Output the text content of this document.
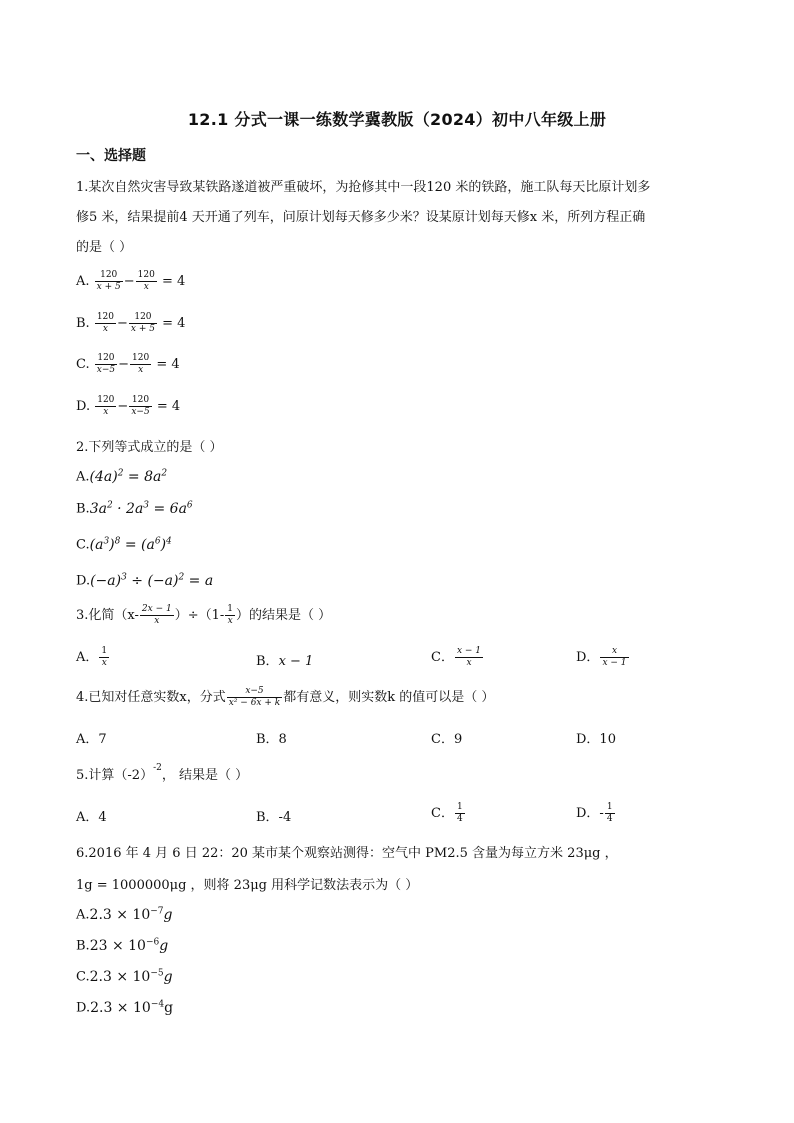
12.1 分式一课一练数学冀教版（2024）初中八年级上册
一、选择题
1.某次自然灾害导致某铁路遂道被严重破坏，为抢修其中一段120 米的铁路，施工队每天比原计划多
修5 米，结果提前4 天开通了列车，问原计划每天修多少米？设某原计划每天修x 米，所列方程正确
的是（ ）
A. $\frac{120}{x + 5} - \frac{120}{x} = 4$
B. $\frac{120}{x} - \frac{120}{x + 5} = 4$
C. $\frac{120}{x-5} - \frac{120}{x} = 4$
D. $\frac{120}{x} - \frac{120}{x-5} = 4$
2.下列等式成立的是（ ）
$A.(4a)^2 = 8a^2$
$B.3a^2 \cdot 2a^3 = 6a^6$
$C.(a^3)^8 = (a^6)^4$
$D.(-a)^3 \div (-a)^2 = a$
3.化简$(x- \frac{2x - 1}{x} )\div(1- \frac{1}{x}$ ）的结果是（ ）
A． $\frac{1}{x}$	B．x − 1	C． $\frac{x - 1}{x}$	D． $\frac{x}{x - 1}$
4.已知对任意实数x，分式 $\frac{x-5}{\text{x² − 6x + k}}$ 都有意义，则实数k 的值可以是（ ）
A．7	B．8	C．9	D．10
5.计算$(-2)^{-2}$， 结果是（ ）
A．4	B．-4	C． $\frac{1}{4}$	D．- $\frac{1}{4}$
6.2016 年 4 月 6 日 22：20 某市某个观察站测得：空气中 PM2.5 含量为每立方米 23μg ，
1g = 1000000μg ，则将 23μg 用科学记数法表示为（ ）
$A.2.3 \times 10^{-7}g$
$B.23 \times 10^{-6}g$
$C.2.3 \times 10^{-5}g$
$D.2.3 \times 10^{-4}g$
